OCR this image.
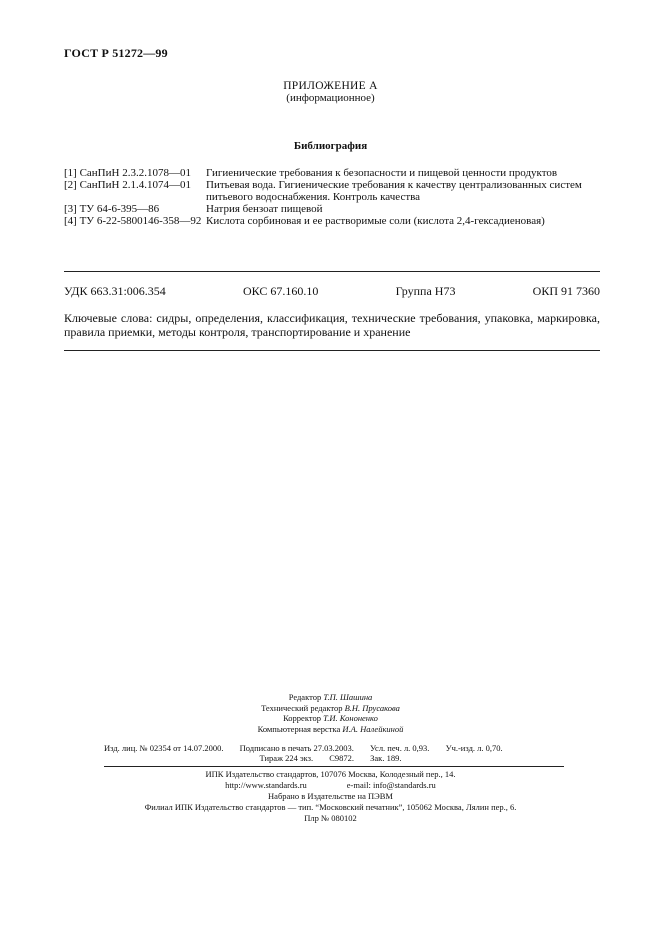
ГОСТ Р 51272—99
ПРИЛОЖЕНИЕ А
(информационное)
Библиография
[1] СанПиН 2.3.2.1078—01	Гигиенические требования к безопасности и пищевой ценности продуктов
[2] СанПиН 2.1.4.1074—01	Питьевая вода. Гигиенические требования к качеству централизованных систем питьевого водоснабжения. Контроль качества
[3] ТУ 64-6-395—86	Натрия бензоат пищевой
[4] ТУ 6-22-5800146-358—92 Кислота сорбиновая и ее растворимые соли (кислота 2,4-гексадиеновая)
УДК 663.31:006.354	ОКС 67.160.10	Группа Н73	ОКП 91 7360
Ключевые слова: сидры, определения, классификация, технические требования, упаковка, маркировка, правила приемки, методы контроля, транспортирование и хранение
Редактор Т.П. Шашина
Технический редактор В.Н. Прусакова
Корректор Т.И. Кононенко
Компьютерная верстка И.А. Налейкиной
Изд. лиц. № 02354 от 14.07.2000. Подписано в печать 27.03.2003. Усл. печ. л. 0,93. Уч.-изд. л. 0,70.
Тираж 224 экз. С9872. Зак. 189.
ИПК Издательство стандартов, 107076 Москва, Колодезный пер., 14.
http://www.standards.ru	e-mail: info@standards.ru
Набрано в Издательстве на ПЭВМ
Филиал ИПК Издательство стандартов — тип. “Московский печатник”, 105062 Москва, Лялин пер., 6.
Плр № 080102
